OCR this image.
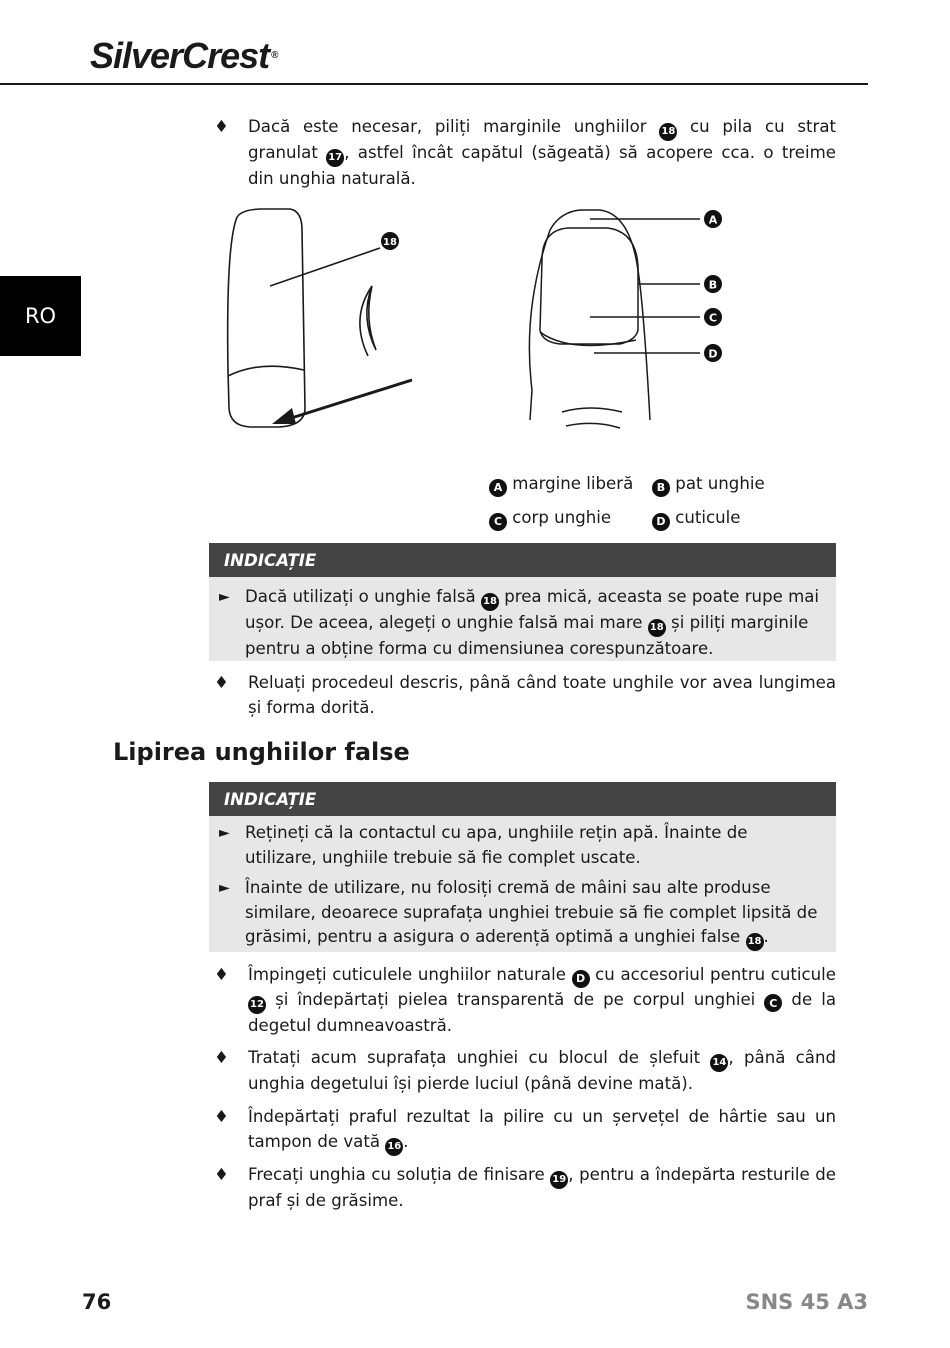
SilverCrest ®
RO
♦ Dacă este necesar, piliți marginile unghiilor 18 cu pila cu strat granulat 17 , astfel încât capătul (săgeată) să acopere cca. o treime din unghia naturală.
18
A
B
C
D
A margine liberă	B pat unghie
C corp unghie	D cuticule
INDICAȚIE
► Dacă utilizați o unghie falsă 18 prea mică, aceasta se poate rupe mai ușor. De aceea, alegeți o unghie falsă mai mare 18 și piliți marginile pentru a obține forma cu dimensiunea corespunzătoare.
♦ Reluați procedeul descris, până când toate unghile vor avea lungimea și forma dorită.
Lipirea unghiilor false
INDICAȚIE
► Rețineți că la contactul cu apa, unghiile rețin apă. Înainte de utilizare, unghiile trebuie să fie complet uscate.
► Înainte de utilizare, nu folosiți cremă de mâini sau alte produse similare, deoarece suprafața unghiei trebuie să fie complet lipsită de grăsimi, pentru a asigura o aderență optimă a unghiei false 18 .
♦ Împingeți cuticulele unghiilor naturale D cu accesoriul pentru cuticule 12 și îndepărtați pielea transparentă de pe corpul unghiei C de la degetul dumneavoastră.
♦ Tratați acum suprafața unghiei cu blocul de șlefuit 14 , până când unghia degetului își pierde luciul (până devine mată).
♦ Îndepărtați praful rezultat la pilire cu un șervețel de hârtie sau un tampon de vată 16 .
♦ Frecați unghia cu soluția de finisare 19 , pentru a îndepărta resturile de praf și de grăsime.
76	SNS 45 A3
